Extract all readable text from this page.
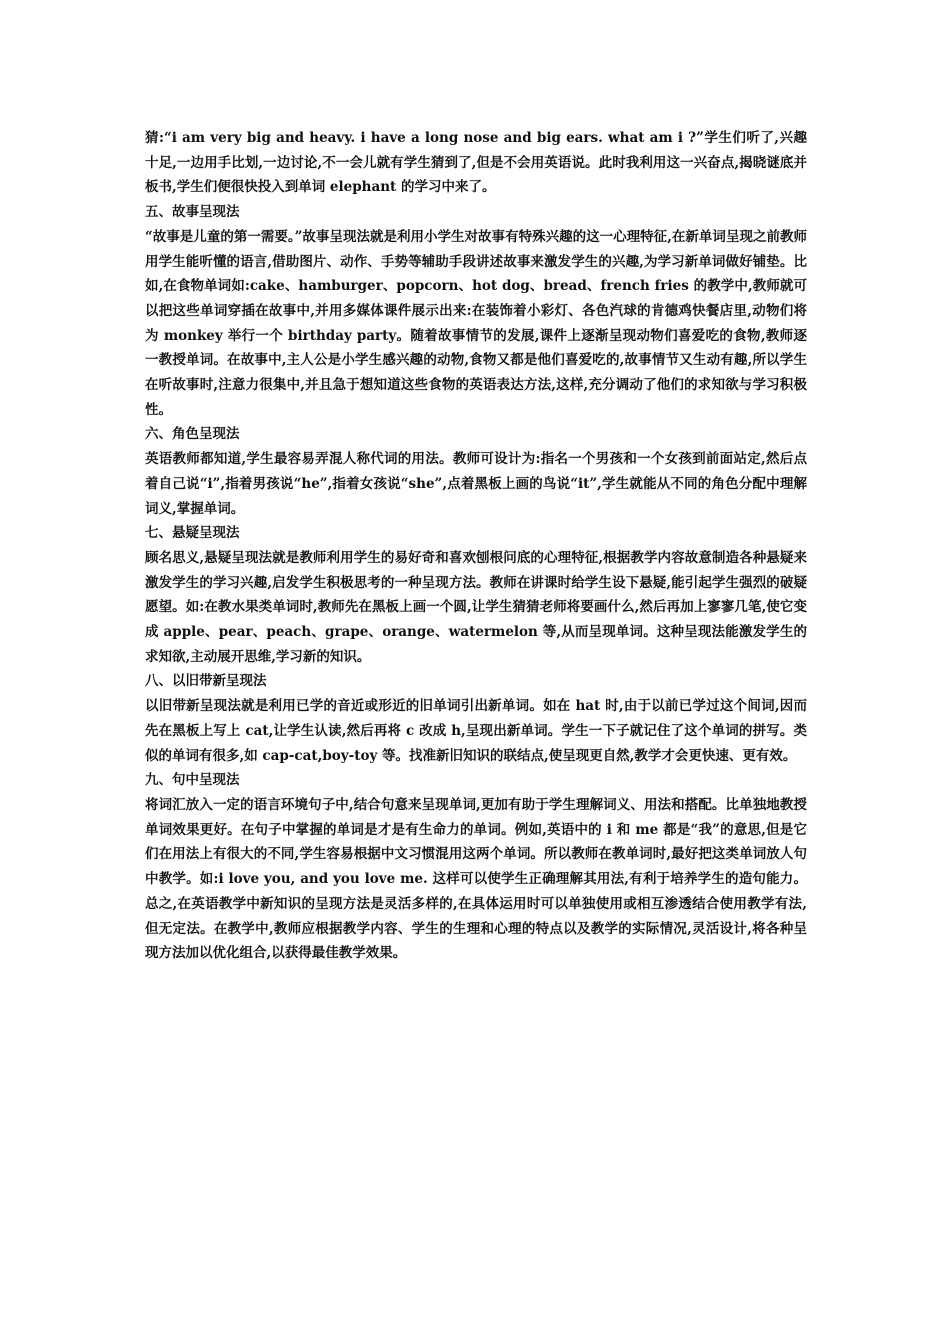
猜:“i am very big and heavy. i have a long nose and big ears. what am i ?”学生们听了,兴趣十足,一边用手比划,一边讨论,不一会儿就有学生猜到了,但是不会用英语说。此时我利用这一兴奋点,揭晓谜底并板书,学生们便很快投入到单词 elephant 的学习中来了。

五、故事呈现法

“故事是儿童的第一需要。”故事呈现法就是利用小学生对故事有特殊兴趣的这一心理特征,在新单词呈现之前教师用学生能听懂的语言,借助图片、动作、手势等辅助手段讲述故事来激发学生的兴趣,为学习新单词做好铺垫。比如,在食物单词如:cake、hamburger、popcorn、hot dog、bread、french fries 的教学中,教师就可以把这些单词穿插在故事中,并用多媒体课件展示出来:在装饰着小彩灯、各色汽球的肯德鸡快餐店里,动物们将为 monkey 举行一个 birthday party。随着故事情节的发展,课件上逐渐呈现动物们喜爱吃的食物,教师逐一教授单词。在故事中,主人公是小学生感兴趣的动物,食物又都是他们喜爱吃的,故事情节又生动有趣,所以学生在听故事时,注意力很集中,并且急于想知道这些食物的英语表达方法,这样,充分调动了他们的求知欲与学习积极性。

六、角色呈现法

英语教师都知道,学生最容易弄混人称代词的用法。教师可设计为:指名一个男孩和一个女孩到前面站定,然后点着自己说“i”,指着男孩说“he”,指着女孩说“she”,点着黑板上画的鸟说“it”,学生就能从不同的角色分配中理解词义,掌握单词。

七、悬疑呈现法

顾名思义,悬疑呈现法就是教师利用学生的易好奇和喜欢刨根问底的心理特征,根据教学内容故意制造各种悬疑来激发学生的学习兴趣,启发学生积极思考的一种呈现方法。教师在讲课时给学生设下悬疑,能引起学生强烈的破疑愿望。如:在教水果类单词时,教师先在黑板上画一个圆,让学生猜猜老师将要画什么,然后再加上寥寥几笔,使它变成 apple、pear、peach、grape、orange、watermelon 等,从而呈现单词。这种呈现法能激发学生的求知欲,主动展开思维,学习新的知识。

八、以旧带新呈现法

以旧带新呈现法就是利用已学的音近或形近的旧单词引出新单词。如在 hat 时,由于以前已学过这个间词,因而先在黑板上写上 cat,让学生认读,然后再将 c 改成 h,呈现出新单词。学生一下子就记住了这个单词的拼写。类似的单词有很多,如 cap-cat,boy-toy 等。找准新旧知识的联结点,使呈现更自然,教学才会更快速、更有效。

九、句中呈现法

将词汇放入一定的语言环境句子中,结合句意来呈现单词,更加有助于学生理解词义、用法和搭配。比单独地教授单词效果更好。在句子中掌握的单词是才是有生命力的单词。例如,英语中的 i 和 me 都是“我”的意思,但是它们在用法上有很大的不同,学生容易根据中文习惯混用这两个单词。所以教师在教单词时,最好把这类单词放人句中教学。如:i love you, and you love me. 这样可以使学生正确理解其用法,有利于培养学生的造句能力。总之,在英语教学中新知识的呈现方法是灵活多样的,在具体运用时可以单独使用或相互渗透结合使用教学有法,但无定法。在教学中,教师应根据教学内容、学生的生理和心理的特点以及教学的实际情况,灵活设计,将各种呈现方法加以优化组合,以获得最佳教学效果。
